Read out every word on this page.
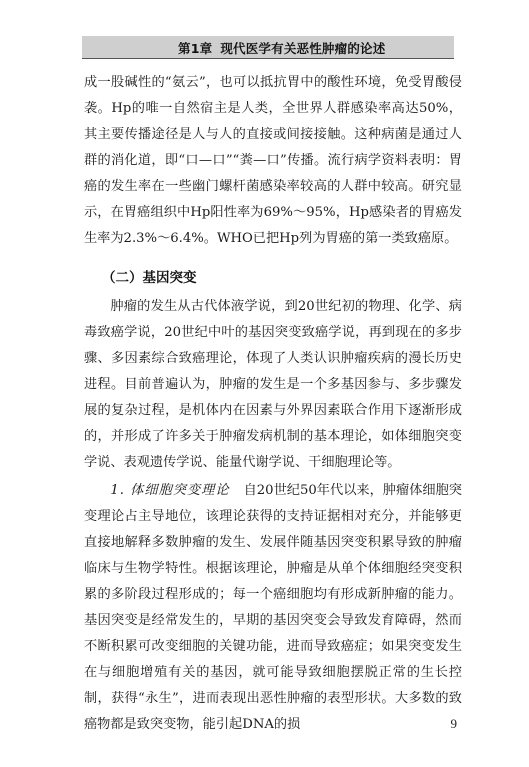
第1章 现代医学有关恶性肿瘤的论述

成一股碱性的“氨云”，也可以抵抗胃中的酸性环境，免受胃酸侵袭。Hp的唯一自然宿主是人类，全世界人群感染率高达50%，其主要传播途径是人与人的直接或间接接触。这种病菌是通过人群的消化道，即“口—口”“粪—口”传播。流行病学资料表明：胃癌的发生率在一些幽门螺杆菌感染率较高的人群中较高。研究显示，在胃癌组织中Hp阳性率为69%～95%，Hp感染者的胃癌发生率为2.3%～6.4%。WHO已把Hp列为胃癌的第一类致癌原。

（二）基因突变

肿瘤的发生从古代体液学说，到20世纪初的物理、化学、病毒致癌学说，20世纪中叶的基因突变致癌学说，再到现在的多步骤、多因素综合致癌理论，体现了人类认识肿瘤疾病的漫长历史进程。目前普遍认为，肿瘤的发生是一个多基因参与、多步骤发展的复杂过程，是机体内在因素与外界因素联合作用下逐渐形成的，并形成了许多关于肿瘤发病机制的基本理论，如体细胞突变学说、表观遗传学说、能量代谢学说、干细胞理论等。

1. 体细胞突变理论 自20世纪50年代以来，肿瘤体细胞突变理论占主导地位，该理论获得的支持证据相对充分，并能够更直接地解释多数肿瘤的发生、发展伴随基因突变积累导致的肿瘤临床与生物学特性。根据该理论，肿瘤是从单个体细胞经突变积累的多阶段过程形成的；每一个癌细胞均有形成新肿瘤的能力。基因突变是经常发生的，早期的基因突变会导致发育障碍，然而不断积累可改变细胞的关键功能，进而导致癌症；如果突变发生在与细胞增殖有关的基因，就可能导致细胞摆脱正常的生长控制，获得“永生”，进而表现出恶性肿瘤的表型形状。大多数的致癌物都是致突变物，能引起DNA的损	9
